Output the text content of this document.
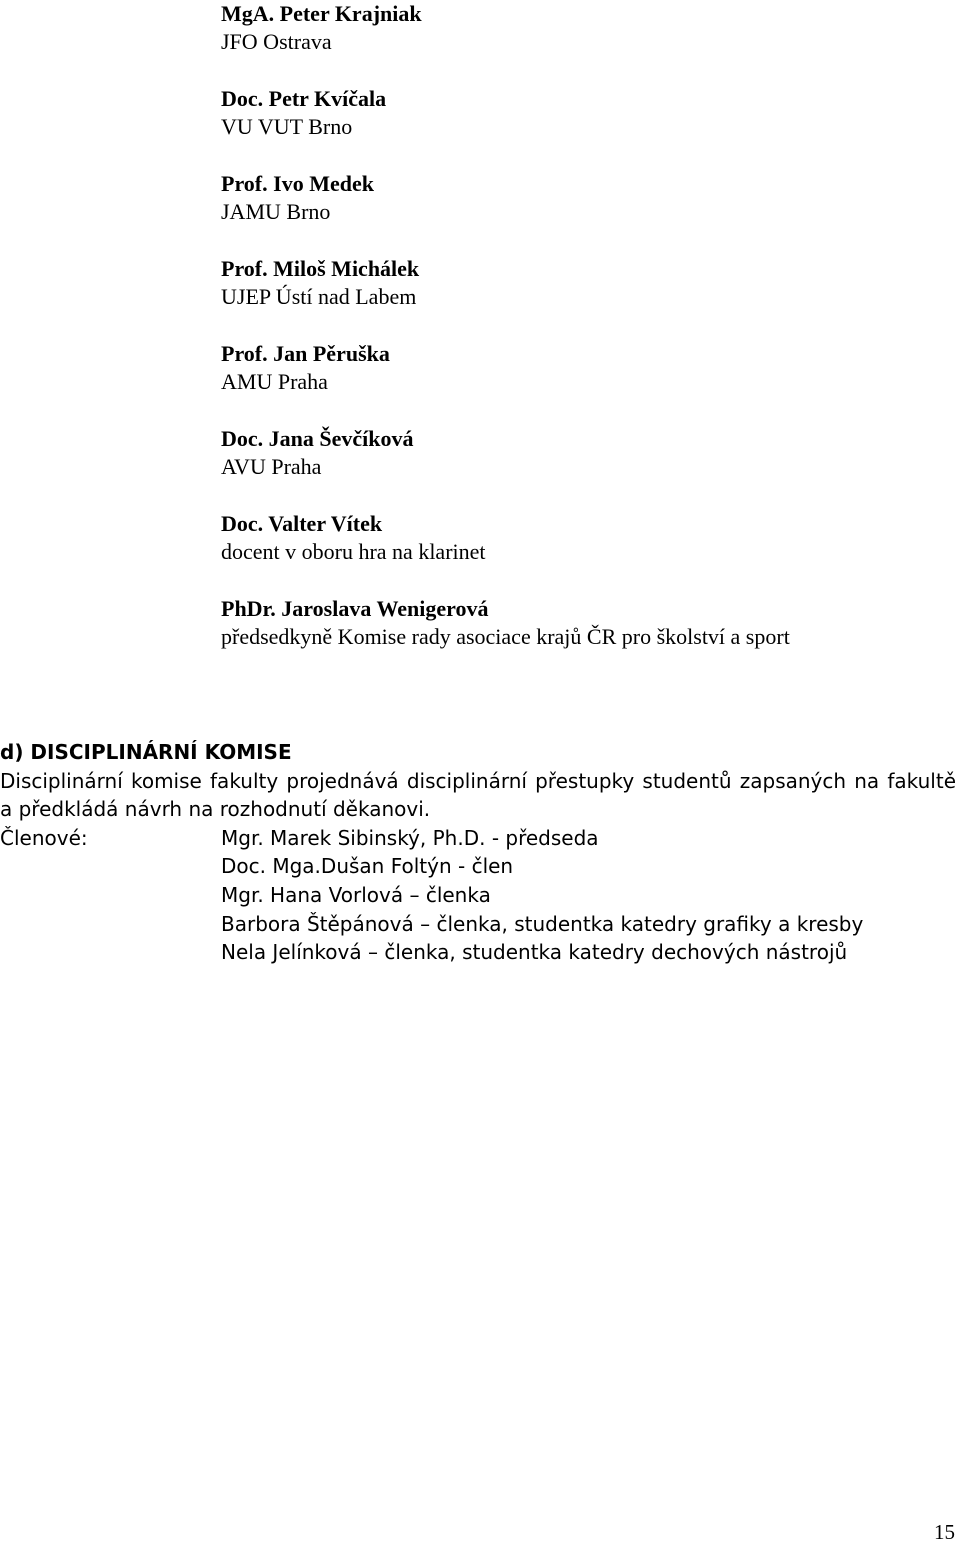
MgA. Peter Krajniak
JFO Ostrava
Doc. Petr Kvíčala
VU VUT Brno
Prof. Ivo Medek
JAMU Brno
Prof. Miloš Michálek
UJEP Ústí nad Labem
Prof. Jan Pěruška
AMU Praha
Doc. Jana Ševčíková
AVU Praha
Doc. Valter Vítek
docent v oboru hra na klarinet
PhDr. Jaroslava Wenigerová
předsedkyně Komise rady asociace krajů ČR pro školství a sport
d) DISCIPLINÁRNÍ KOMISE
Disciplinární komise fakulty projednává disciplinární přestupky studentů zapsaných na fakultě a předkládá návrh na rozhodnutí děkanovi.
Členové:	Mgr. Marek Sibinský, Ph.D. - předseda
Doc. Mga.Dušan Foltýn - člen
Mgr. Hana Vorlová – členka
Barbora Štěpánová – členka, studentka katedry grafiky a kresby
Nela Jelínková – členka, studentka katedry dechových nástrojů
15
